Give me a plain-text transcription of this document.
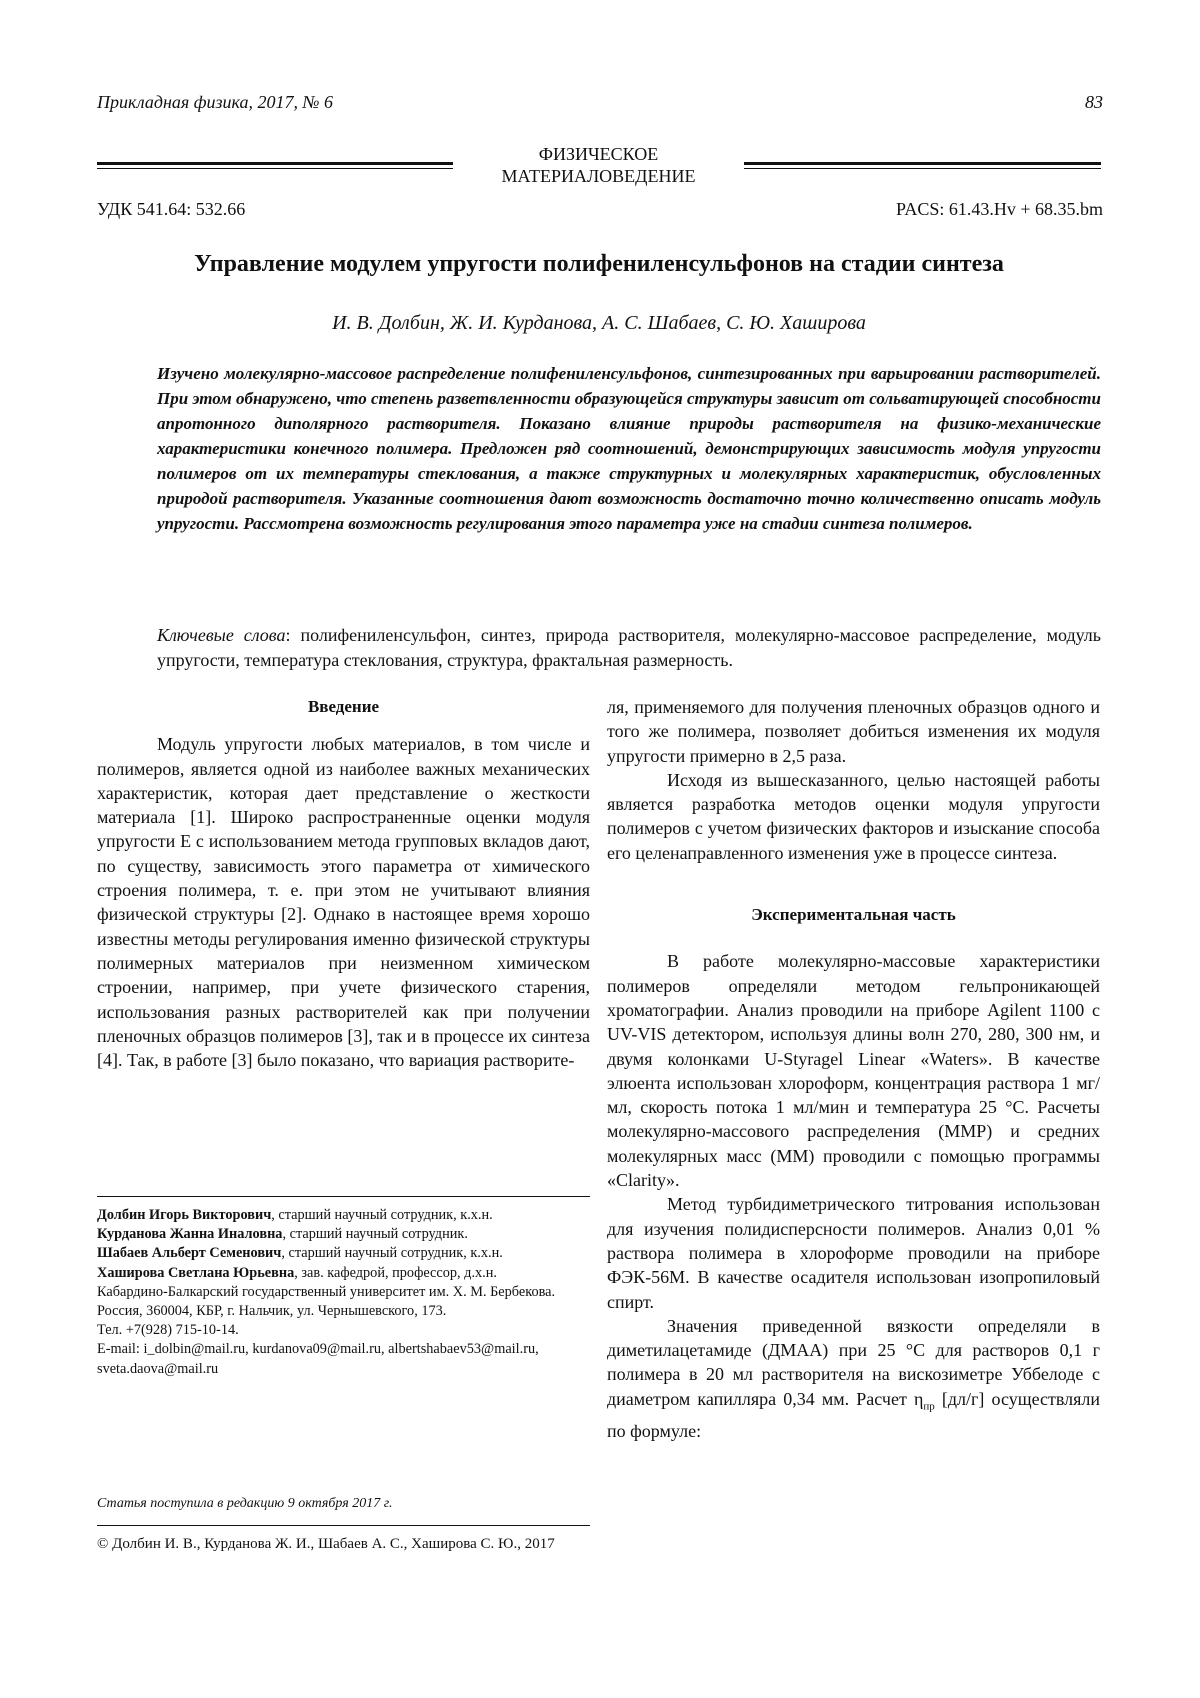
Прикладная физика, 2017, № 6	83
ФИЗИЧЕСКОЕ
МАТЕРИАЛОВЕДЕНИЕ
УДК 541.64: 532.66	PACS: 61.43.Hv + 68.35.bm
Управление модулем упругости полифениленсульфонов на стадии синтеза
И. В. Долбин, Ж. И. Курданова, А. С. Шабаев, С. Ю. Хаширова

Изучено молекулярно-массовое распределение полифениленсульфонов, синтезированных при варьировании растворителей. При этом обнаружено, что степень разветвленности образующейся структуры зависит от сольватирующей способности апротонного диполярного растворителя. Показано влияние природы растворителя на физико-механические характеристики конечного полимера. Предложен ряд соотношений, демонстрирующих зависимость модуля упругости полимеров от их температуры стеклования, а также структурных и молекулярных характеристик, обусловленных природой растворителя. Указанные соотношения дают возможность достаточно точно количественно описать модуль упругости. Рассмотрена возможность регулирования этого параметра уже на стадии синтеза полимеров.

Ключевые слова: полифениленсульфон, синтез, природа растворителя, молекулярно-массовое распределение, модуль упругости, температура стеклования, структура, фрактальная размерность.

Введение

Модуль упругости любых материалов, в том числе и полимеров, является одной из наиболее важных механических характеристик, которая дает представление о жесткости материала [1]. Широко распространенные оценки модуля упругости E с использованием метода групповых вкладов дают, по существу, зависимость этого параметра от химического строения полимера, т. е. при этом не учитывают влияния физической структуры [2]. Однако в настоящее время хорошо известны методы регулирования именно физической структуры полимерных материалов при неизменном химическом строении, например, при учете физического старения, использования разных растворителей как при получении пленочных образцов полимеров [3], так и в процессе их синтеза [4]. Так, в работе [3] было показано, что вариация растворите-

Долбин Игорь Викторович, старший научный сотрудник, к.х.н.
Курданова Жанна Иналовна, старший научный сотрудник.
Шабаев Альберт Семенович, старший научный сотрудник, к.х.н.
Хаширова Светлана Юрьевна, зав. кафедрой, профессор, д.х.н.
Кабардино-Балкарский государственный университет им. Х. М. Бербекова.
Россия, 360004, КБР, г. Нальчик, ул. Чернышевского, 173.
Тел. +7(928) 715-10-14.
E-mail: i_dolbin@mail.ru, kurdanova09@mail.ru, albertshabaev53@mail.ru, sveta.daova@mail.ru
Статья поступила в редакцию 9 октября 2017 г.
© Долбин И. В., Курданова Ж. И., Шабаев А. С., Хаширова С. Ю., 2017

ля, применяемого для получения пленочных образцов одного и того же полимера, позволяет добиться изменения их модуля упругости примерно в 2,5 раза.

Исходя из вышесказанного, целью настоящей работы является разработка методов оценки модуля упругости полимеров с учетом физических факторов и изыскание способа его целенаправленного изменения уже в процессе синтеза.

Экспериментальная часть

В работе молекулярно-массовые характеристики полимеров определяли методом гельпроникающей хроматографии. Анализ проводили на приборе Agilent 1100 с UV-VIS детектором, используя длины волн 270, 280, 300 нм, и двумя колонками U-Styragel Linear «Waters». В качестве элюента использован хлороформ, концентрация раствора 1 мг/мл, скорость потока 1 мл/мин и температура 25 °С. Расчеты молекулярно-массового распределения (ММР) и средних молекулярных масс (ММ) проводили с помощью программы «Clarity».

Метод турбидиметрического титрования использован для изучения полидисперсности полимеров. Анализ 0,01 % раствора полимера в хлороформе проводили на приборе ФЭК-56М. В качестве осадителя использован изопропиловый спирт.

Значения приведенной вязкости определяли в диметилацетамиде (ДМАА) при 25 °С для растворов 0,1 г полимера в 20 мл растворителя на вискозиметре Уббелоде с диаметром капилляра 0,34 мм. Расчет $\eta_{пр}$ [дл/г] осуществляли по формуле:
